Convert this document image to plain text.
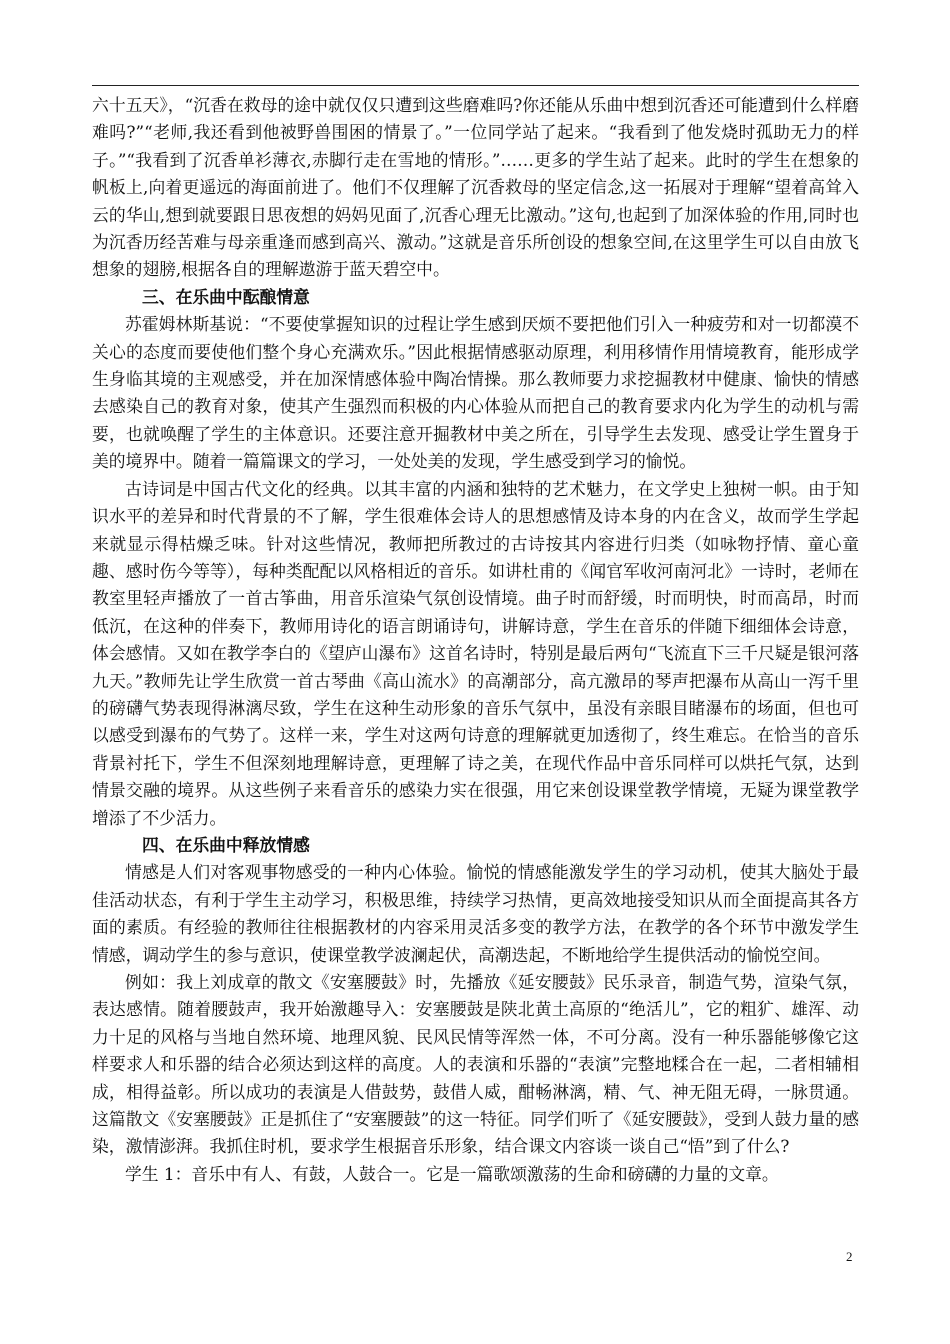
六十五天》，“沉香在救母的途中就仅仅只遭到这些磨难吗?你还能从乐曲中想到沉香还可能遭到什么样磨难吗?”“老师,我还看到他被野兽围困的情景了。”一位同学站了起来。“我看到了他发烧时孤助无力的样子。”“我看到了沉香单衫薄衣,赤脚行走在雪地的情形。”……更多的学生站了起来。此时的学生在想象的帆板上,向着更遥远的海面前进了。他们不仅理解了沉香救母的坚定信念,这一拓展对于理解“望着高耸入云的华山,想到就要跟日思夜想的妈妈见面了,沉香心理无比激动。”这句,也起到了加深体验的作用,同时也为沉香历经苦难与母亲重逢而感到高兴、激动。”这就是音乐所创设的想象空间,在这里学生可以自由放飞想象的翅膀,根据各自的理解遨游于蓝天碧空中。

三、在乐曲中酝酿情意

苏霍姆林斯基说：“不要使掌握知识的过程让学生感到厌烦不要把他们引入一种疲劳和对一切都漠不关心的态度而要使他们整个身心充满欢乐。”因此根据情感驱动原理，利用移情作用情境教育，能形成学生身临其境的主观感受，并在加深情感体验中陶冶情操。那么教师要力求挖掘教材中健康、愉快的情感去感染自己的教育对象，使其产生强烈而积极的内心体验从而把自己的教育要求内化为学生的动机与需要，也就唤醒了学生的主体意识。还要注意开掘教材中美之所在，引导学生去发现、感受让学生置身于美的境界中。随着一篇篇课文的学习，一处处美的发现，学生感受到学习的愉悦。

古诗词是中国古代文化的经典。以其丰富的内涵和独特的艺术魅力，在文学史上独树一帜。由于知识水平的差异和时代背景的不了解，学生很难体会诗人的思想感情及诗本身的内在含义，故而学生学起来就显示得枯燥乏味。针对这些情况，教师把所教过的古诗按其内容进行归类（如咏物抒情、童心童趣、感时伤今等等），每种类配配以风格相近的音乐。如讲杜甫的《闻官军收河南河北》一诗时，老师在教室里轻声播放了一首古筝曲，用音乐渲染气氛创设情境。曲子时而舒缓，时而明快，时而高昂，时而低沉，在这种的伴奏下，教师用诗化的语言朗诵诗句，讲解诗意，学生在音乐的伴随下细细体会诗意，体会感情。又如在教学李白的《望庐山瀑布》这首名诗时，特别是最后两句“飞流直下三千尺疑是银河落九天。”教师先让学生欣赏一首古琴曲《高山流水》的高潮部分，高亢激昂的琴声把瀑布从高山一泻千里的磅礴气势表现得淋漓尽致，学生在这种生动形象的音乐气氛中，虽没有亲眼目睹瀑布的场面，但也可以感受到瀑布的气势了。这样一来，学生对这两句诗意的理解就更加透彻了，终生难忘。在恰当的音乐背景衬托下，学生不但深刻地理解诗意，更理解了诗之美，在现代作品中音乐同样可以烘托气氛，达到情景交融的境界。从这些例子来看音乐的感染力实在很强，用它来创设课堂教学情境，无疑为课堂教学增添了不少活力。

四、在乐曲中释放情感

情感是人们对客观事物感受的一种内心体验。愉悦的情感能激发学生的学习动机，使其大脑处于最佳活动状态，有利于学生主动学习，积极思维，持续学习热情，更高效地接受知识从而全面提高其各方面的素质。有经验的教师往往根据教材的内容采用灵活多变的教学方法，在教学的各个环节中激发学生情感，调动学生的参与意识，使课堂教学波澜起伏，高潮迭起，不断地给学生提供活动的愉悦空间。

例如：我上刘成章的散文《安塞腰鼓》时，先播放《延安腰鼓》民乐录音，制造气势，渲染气氛，表达感情。随着腰鼓声，我开始激趣导入：安塞腰鼓是陕北黄土高原的“绝活儿”，它的粗犷、雄浑、动力十足的风格与当地自然环境、地理风貌、民风民情等浑然一体，不可分离。没有一种乐器能够像它这样要求人和乐器的结合必须达到这样的高度。人的表演和乐器的“表演”完整地糅合在一起，二者相辅相成，相得益彰。所以成功的表演是人借鼓势，鼓借人威，酣畅淋漓，精、气、神无阻无碍，一脉贯通。这篇散文《安塞腰鼓》正是抓住了“安塞腰鼓”的这一特征。同学们听了《延安腰鼓》，受到人鼓力量的感染，激情澎湃。我抓住时机，要求学生根据音乐形象，结合课文内容谈一谈自己“悟”到了什么?

学生 1：音乐中有人、有鼓，人鼓合一。它是一篇歌颂激荡的生命和磅礴的力量的文章。

2
